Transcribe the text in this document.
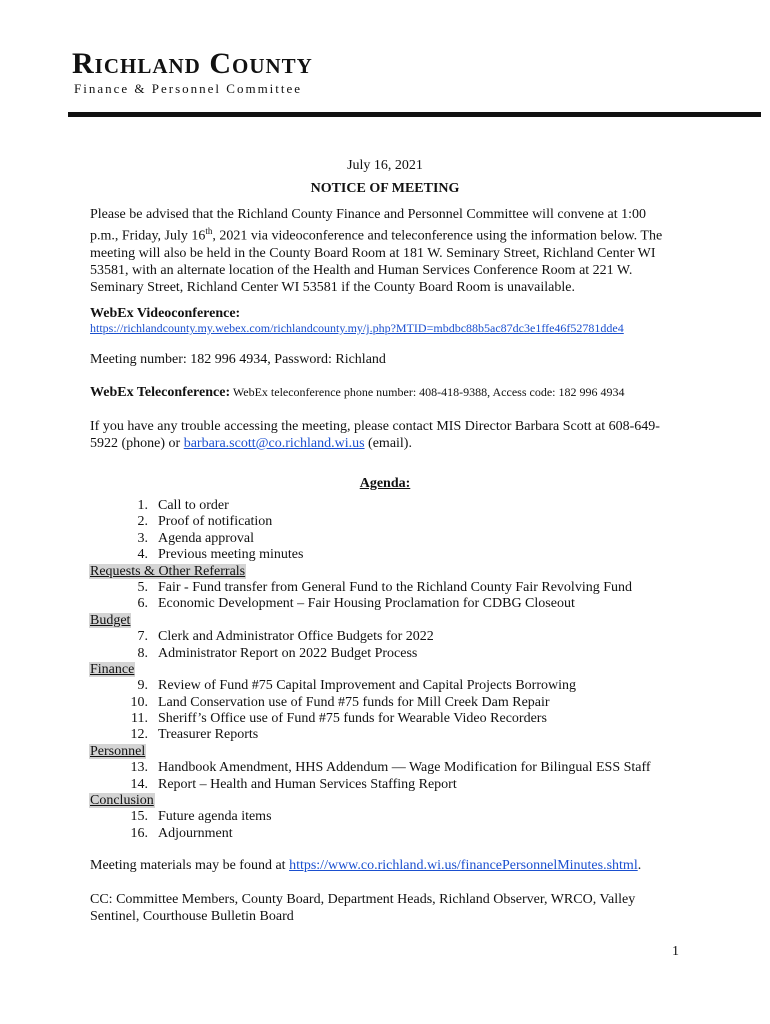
Richland County
Finance & Personnel Committee
July 16, 2021
NOTICE OF MEETING
Please be advised that the Richland County Finance and Personnel Committee will convene at 1:00 p.m., Friday, July 16th, 2021 via videoconference and teleconference using the information below. The meeting will also be held in the County Board Room at 181 W. Seminary Street, Richland Center WI 53581, with an alternate location of the Health and Human Services Conference Room at 221 W. Seminary Street, Richland Center WI 53581 if the County Board Room is unavailable.
WebEx Videoconference:
https://richlandcounty.my.webex.com/richlandcounty.my/j.php?MTID=mbdbc88b5ac87dc3e1ffe46f52781dde4
Meeting number: 182 996 4934, Password: Richland
WebEx Teleconference: WebEx teleconference phone number: 408-418-9388, Access code: 182 996 4934
If you have any trouble accessing the meeting, please contact MIS Director Barbara Scott at 608-649-5922 (phone) or barbara.scott@co.richland.wi.us (email).
Agenda:
1. Call to order
2. Proof of notification
3. Agenda approval
4. Previous meeting minutes
Requests & Other Referrals
5. Fair - Fund transfer from General Fund to the Richland County Fair Revolving Fund
6. Economic Development – Fair Housing Proclamation for CDBG Closeout
Budget
7. Clerk and Administrator Office Budgets for 2022
8. Administrator Report on 2022 Budget Process
Finance
9. Review of Fund #75 Capital Improvement and Capital Projects Borrowing
10. Land Conservation use of Fund #75 funds for Mill Creek Dam Repair
11. Sheriff’s Office use of Fund #75 funds for Wearable Video Recorders
12. Treasurer Reports
Personnel
13. Handbook Amendment, HHS Addendum — Wage Modification for Bilingual ESS Staff
14. Report – Health and Human Services Staffing Report
Conclusion
15. Future agenda items
16. Adjournment
Meeting materials may be found at https://www.co.richland.wi.us/financePersonnelMinutes.shtml.
CC: Committee Members, County Board, Department Heads, Richland Observer, WRCO, Valley Sentinel, Courthouse Bulletin Board
1
